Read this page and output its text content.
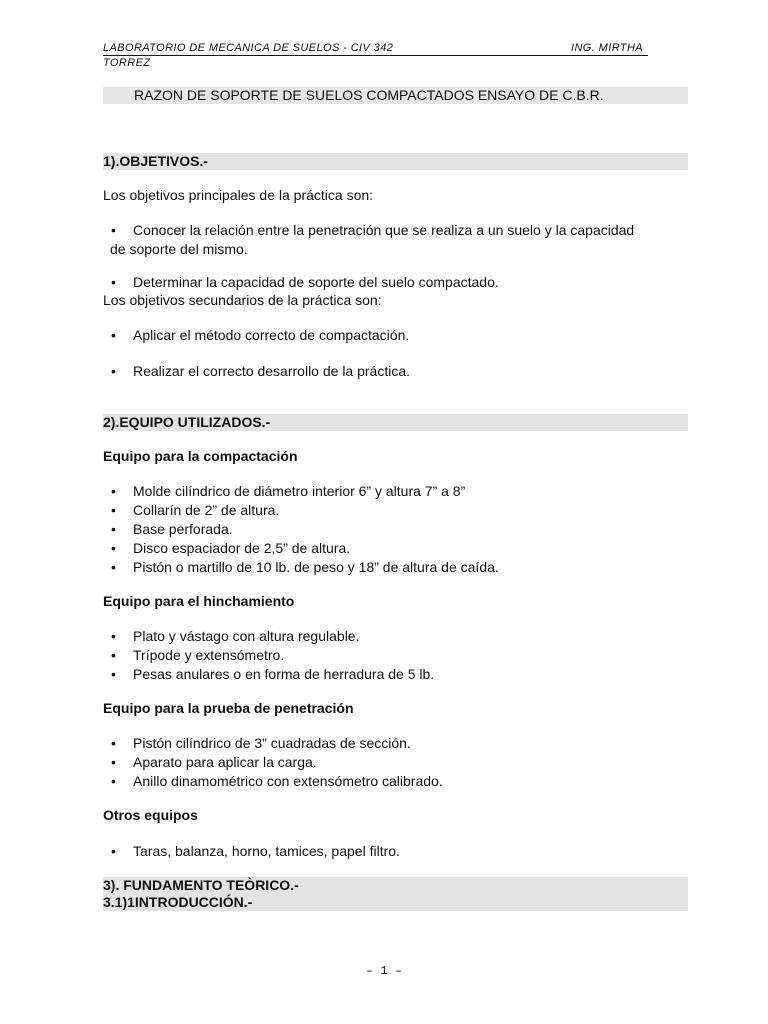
LABORATORIO DE MECANICA DE SUELOS - CIV 342	ING. MIRTHA
TORREZ
RAZON DE SOPORTE DE SUELOS COMPACTADOS ENSAYO DE C.B.R.
1).OBJETIVOS.-
Los objetivos principales de la práctica son:
• Conocer la relación entre la penetración que se realiza a un suelo y la capacidad
de soporte del mismo.
• Determinar la capacidad de soporte del suelo compactado.
Los objetivos secundarios de la práctica son:
• Aplicar el método correcto de compactación.
• Realizar el correcto desarrollo de la práctica.
2).EQUIPO UTILIZADOS.-
Equipo para la compactación
• Molde cilíndrico de diámetro interior 6” y altura 7” a 8”
• Collarín de 2” de altura.
• Base perforada.
• Disco espaciador de 2,5” de altura.
• Pistón o martillo de 10 lb. de peso y 18” de altura de caída.
Equipo para el hinchamiento
• Plato y vástago con altura regulable.
• Trípode y extensómetro.
• Pesas anulares o en forma de herradura de 5 lb.
Equipo para la prueba de penetración
• Pistón cilíndrico de 3” cuadradas de sección.
• Aparato para aplicar la carga.
• Anillo dinamométrico con extensómetro calibrado.
Otros equipos
• Taras, balanza, horno, tamices, papel filtro.
3). FUNDAMENTO TEÒRICO.-
3.1)1INTRODUCCIÓN.-
– 1 –
